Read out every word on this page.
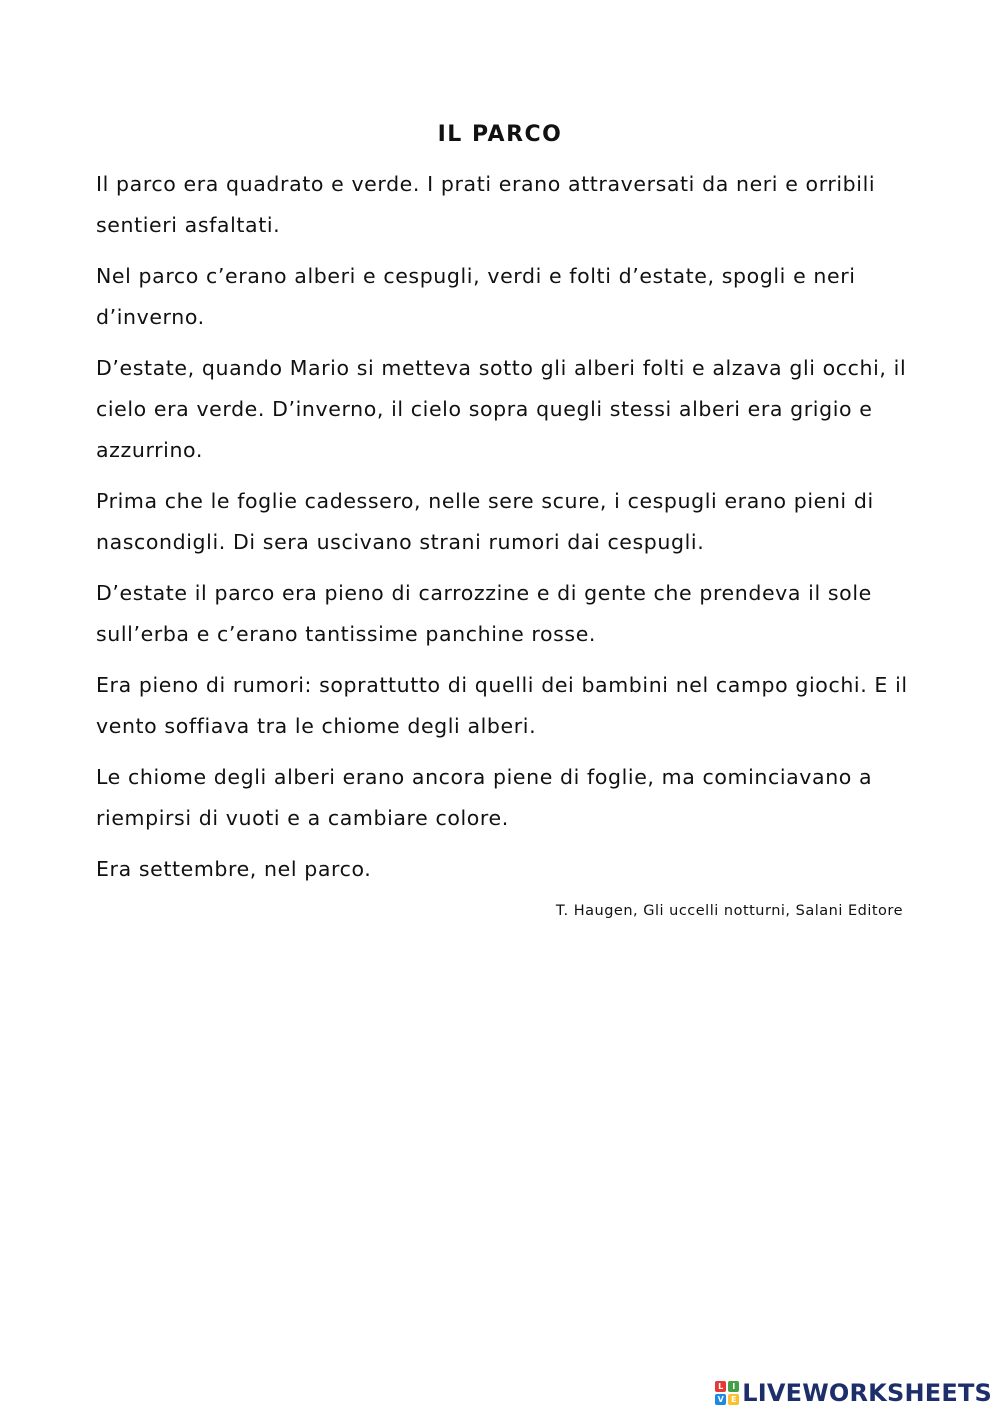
IL PARCO

Il parco era quadrato e verde. I prati erano attraversati da neri e orribili sentieri asfaltati.

Nel parco c’erano alberi e cespugli, verdi e folti d’estate, spogli e neri d’inverno.

D’estate, quando Mario si metteva sotto gli alberi folti e alzava gli occhi, il cielo era verde. D’inverno, il cielo sopra quegli stessi alberi era grigio e azzurrino.

Prima che le foglie cadessero, nelle sere scure, i cespugli erano pieni di nascondigli. Di sera uscivano strani rumori dai cespugli.

D’estate il parco era pieno di carrozzine e di gente che prendeva il sole sull’erba e c’erano tantissime panchine rosse.

Era pieno di rumori: soprattutto di quelli dei bambini nel campo giochi. E il vento soffiava tra le chiome degli alberi.

Le chiome degli alberi erano ancora piene di foglie, ma cominciavano a riempirsi di vuoti e a cambiare colore.

Era settembre, nel parco.

T. Haugen, Gli uccelli notturni, Salani Editore

L	I
V E LIVEWORKSHEETS
